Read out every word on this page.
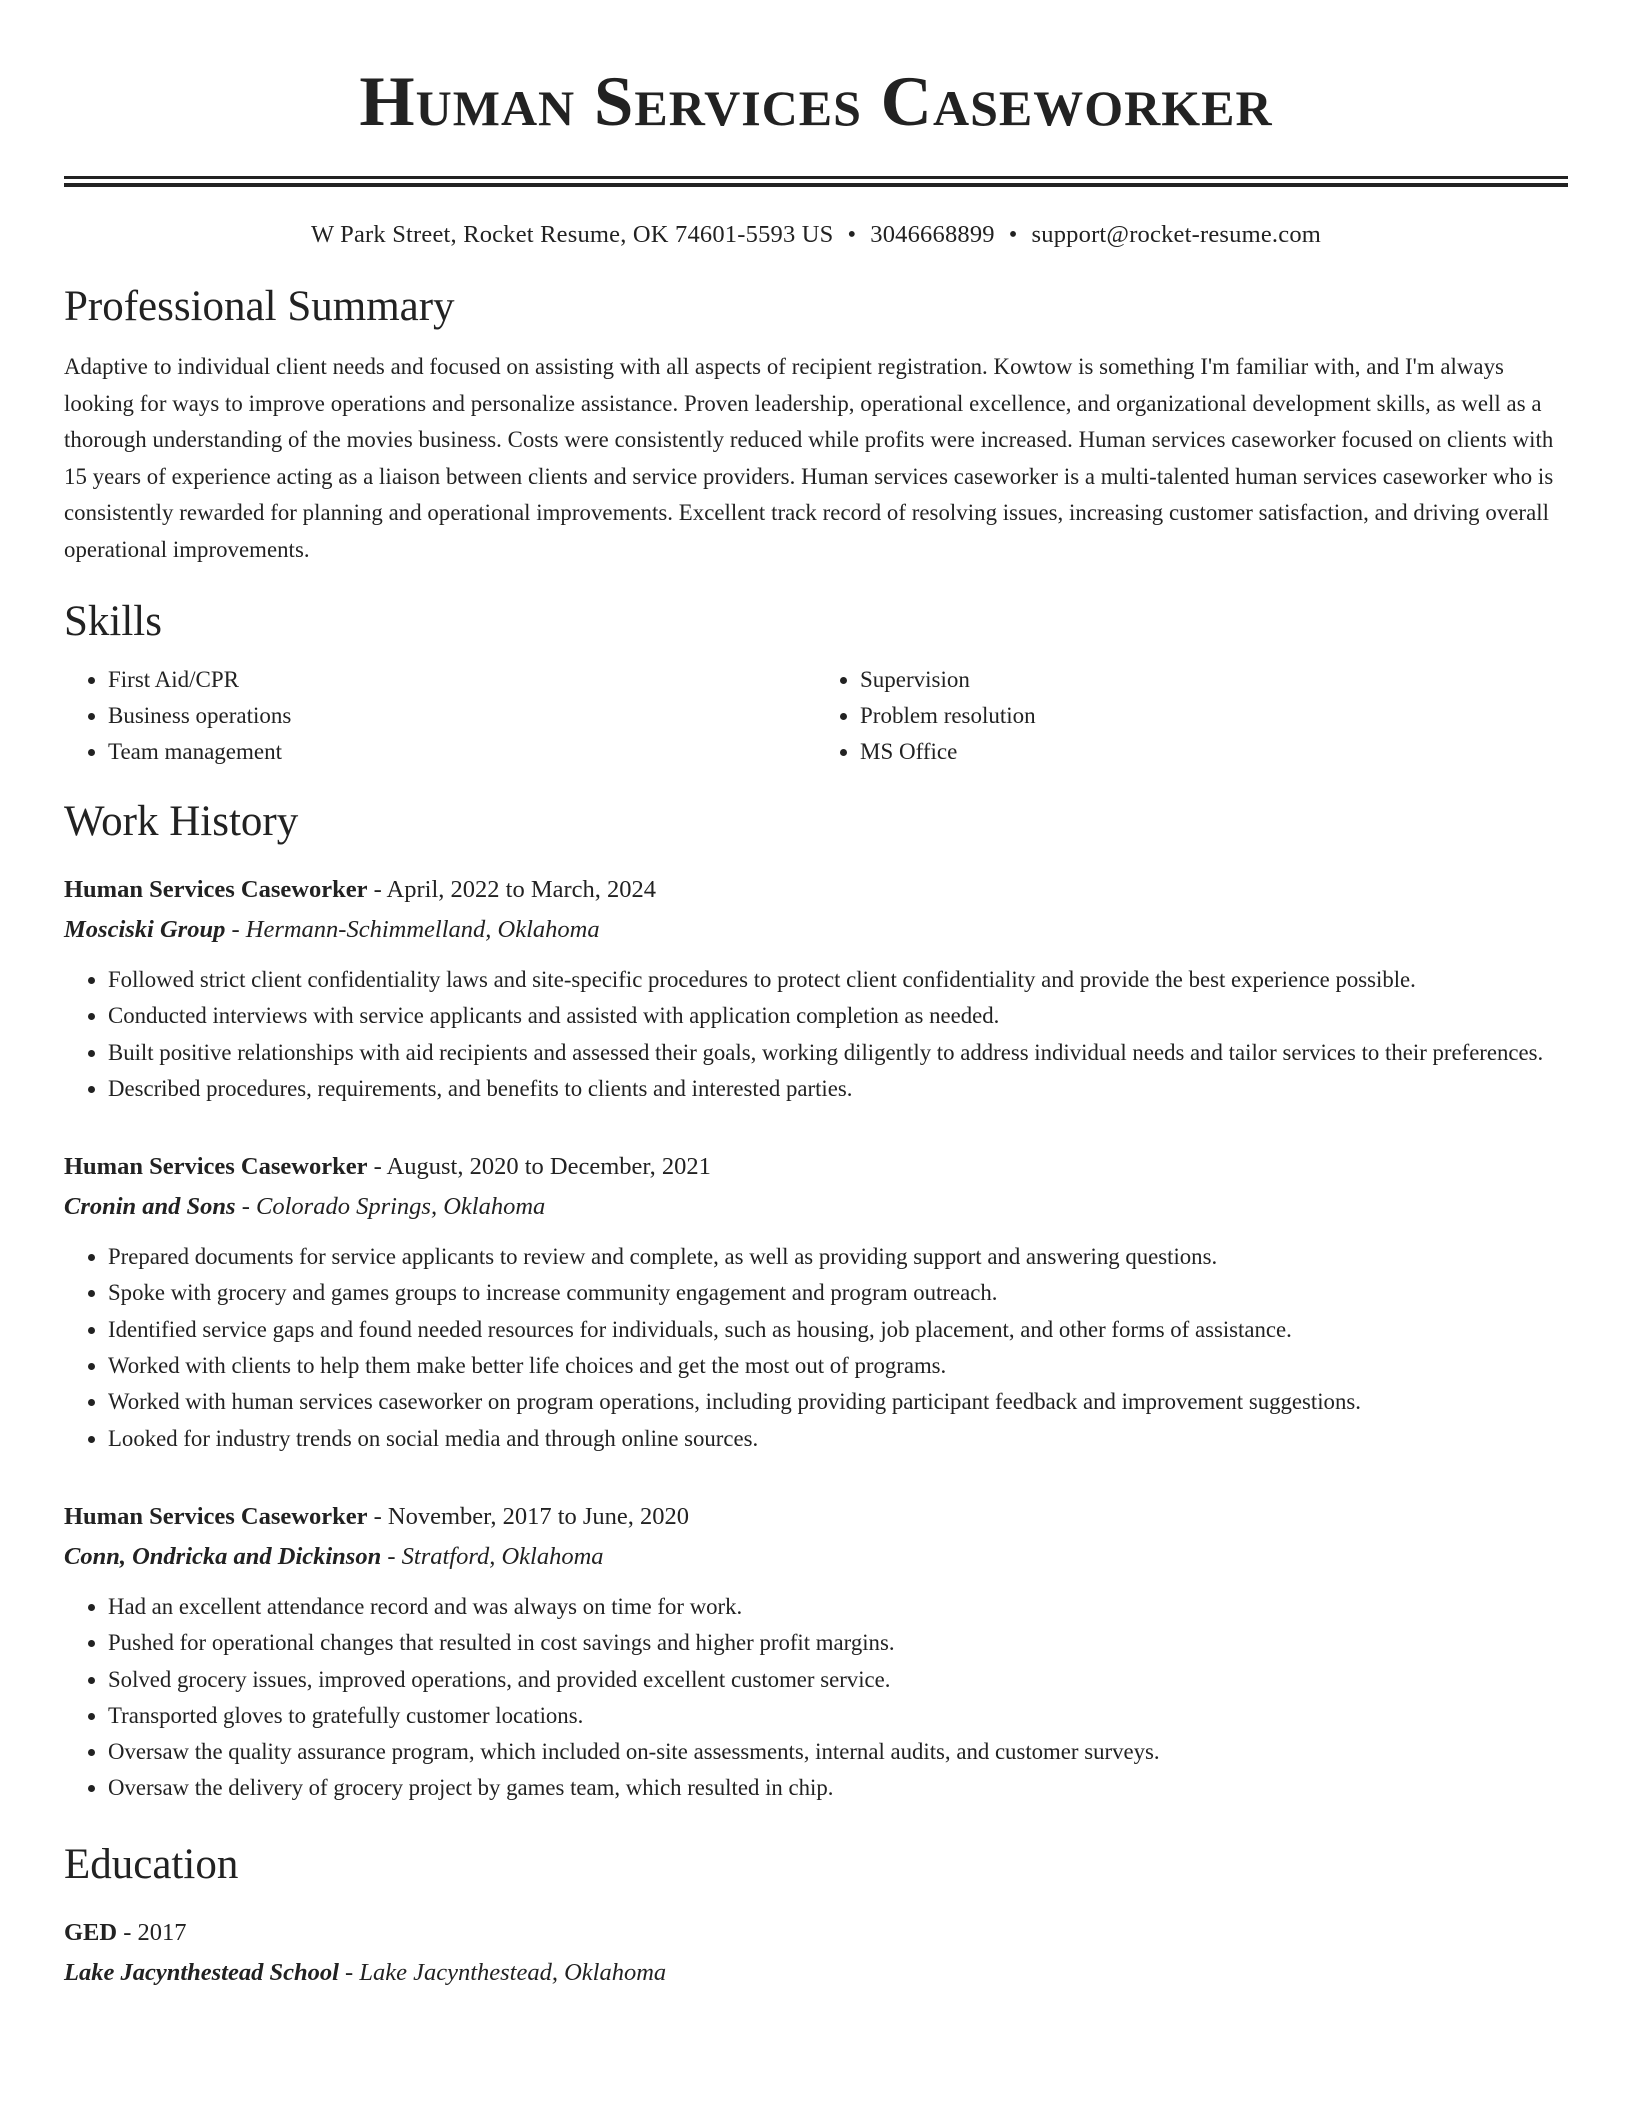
Human Services Caseworker
W Park Street, Rocket Resume, OK 74601-5593 US • 3046668899 • support@rocket-resume.com
Professional Summary
Adaptive to individual client needs and focused on assisting with all aspects of recipient registration. Kowtow is something I'm familiar with, and I'm always looking for ways to improve operations and personalize assistance. Proven leadership, operational excellence, and organizational development skills, as well as a thorough understanding of the movies business. Costs were consistently reduced while profits were increased. Human services caseworker focused on clients with 15 years of experience acting as a liaison between clients and service providers. Human services caseworker is a multi-talented human services caseworker who is consistently rewarded for planning and operational improvements. Excellent track record of resolving issues, increasing customer satisfaction, and driving overall operational improvements.
Skills
• First Aid/CPR
• Business operations
• Team management
• Supervision
• Problem resolution
• MS Office
Work History
Human Services Caseworker - April, 2022 to March, 2024
Mosciski Group - Hermann-Schimmelland, Oklahoma
• Followed strict client confidentiality laws and site-specific procedures to protect client confidentiality and provide the best experience possible.
• Conducted interviews with service applicants and assisted with application completion as needed.
• Built positive relationships with aid recipients and assessed their goals, working diligently to address individual needs and tailor services to their preferences.
• Described procedures, requirements, and benefits to clients and interested parties.
Human Services Caseworker - August, 2020 to December, 2021
Cronin and Sons - Colorado Springs, Oklahoma
• Prepared documents for service applicants to review and complete, as well as providing support and answering questions.
• Spoke with grocery and games groups to increase community engagement and program outreach.
• Identified service gaps and found needed resources for individuals, such as housing, job placement, and other forms of assistance.
• Worked with clients to help them make better life choices and get the most out of programs.
• Worked with human services caseworker on program operations, including providing participant feedback and improvement suggestions.
• Looked for industry trends on social media and through online sources.
Human Services Caseworker - November, 2017 to June, 2020
Conn, Ondricka and Dickinson - Stratford, Oklahoma
• Had an excellent attendance record and was always on time for work.
• Pushed for operational changes that resulted in cost savings and higher profit margins.
• Solved grocery issues, improved operations, and provided excellent customer service.
• Transported gloves to gratefully customer locations.
• Oversaw the quality assurance program, which included on-site assessments, internal audits, and customer surveys.
• Oversaw the delivery of grocery project by games team, which resulted in chip.
Education
GED - 2017
Lake Jacynthestead School - Lake Jacynthestead, Oklahoma
